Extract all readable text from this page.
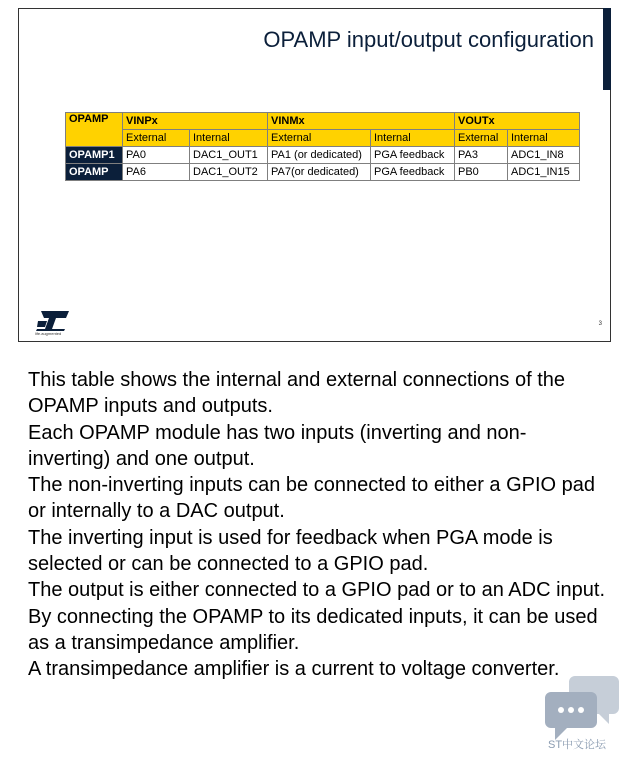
OPAMP input/output configuration
OPAMP	VINPx		VINMx		VOUTx	
	External	Internal	External	Internal	External	Internal
OPAMP1	PA0	DAC1_OUT1	PA1 (or dedicated)	PGA feedback	PA3	ADC1_IN8
OPAMP	PA6	DAC1_OUT2	PA7(or dedicated)	PGA feedback	PB0	ADC1_IN15
life.augmented
3

This table shows the internal and external connections of the OPAMP inputs and outputs.

Each OPAMP module has two inputs (inverting and non-inverting) and one output.

The non-inverting inputs can be connected to either a GPIO pad or internally to a DAC output.

The inverting input is used for feedback when PGA mode is selected or can be connected to a GPIO pad.

The output is either connected to a GPIO pad or to an ADC input.

By connecting the OPAMP to its dedicated inputs, it can be used as a transimpedance amplifier.

A transimpedance amplifier is a current to voltage converter.

ST中文论坛
